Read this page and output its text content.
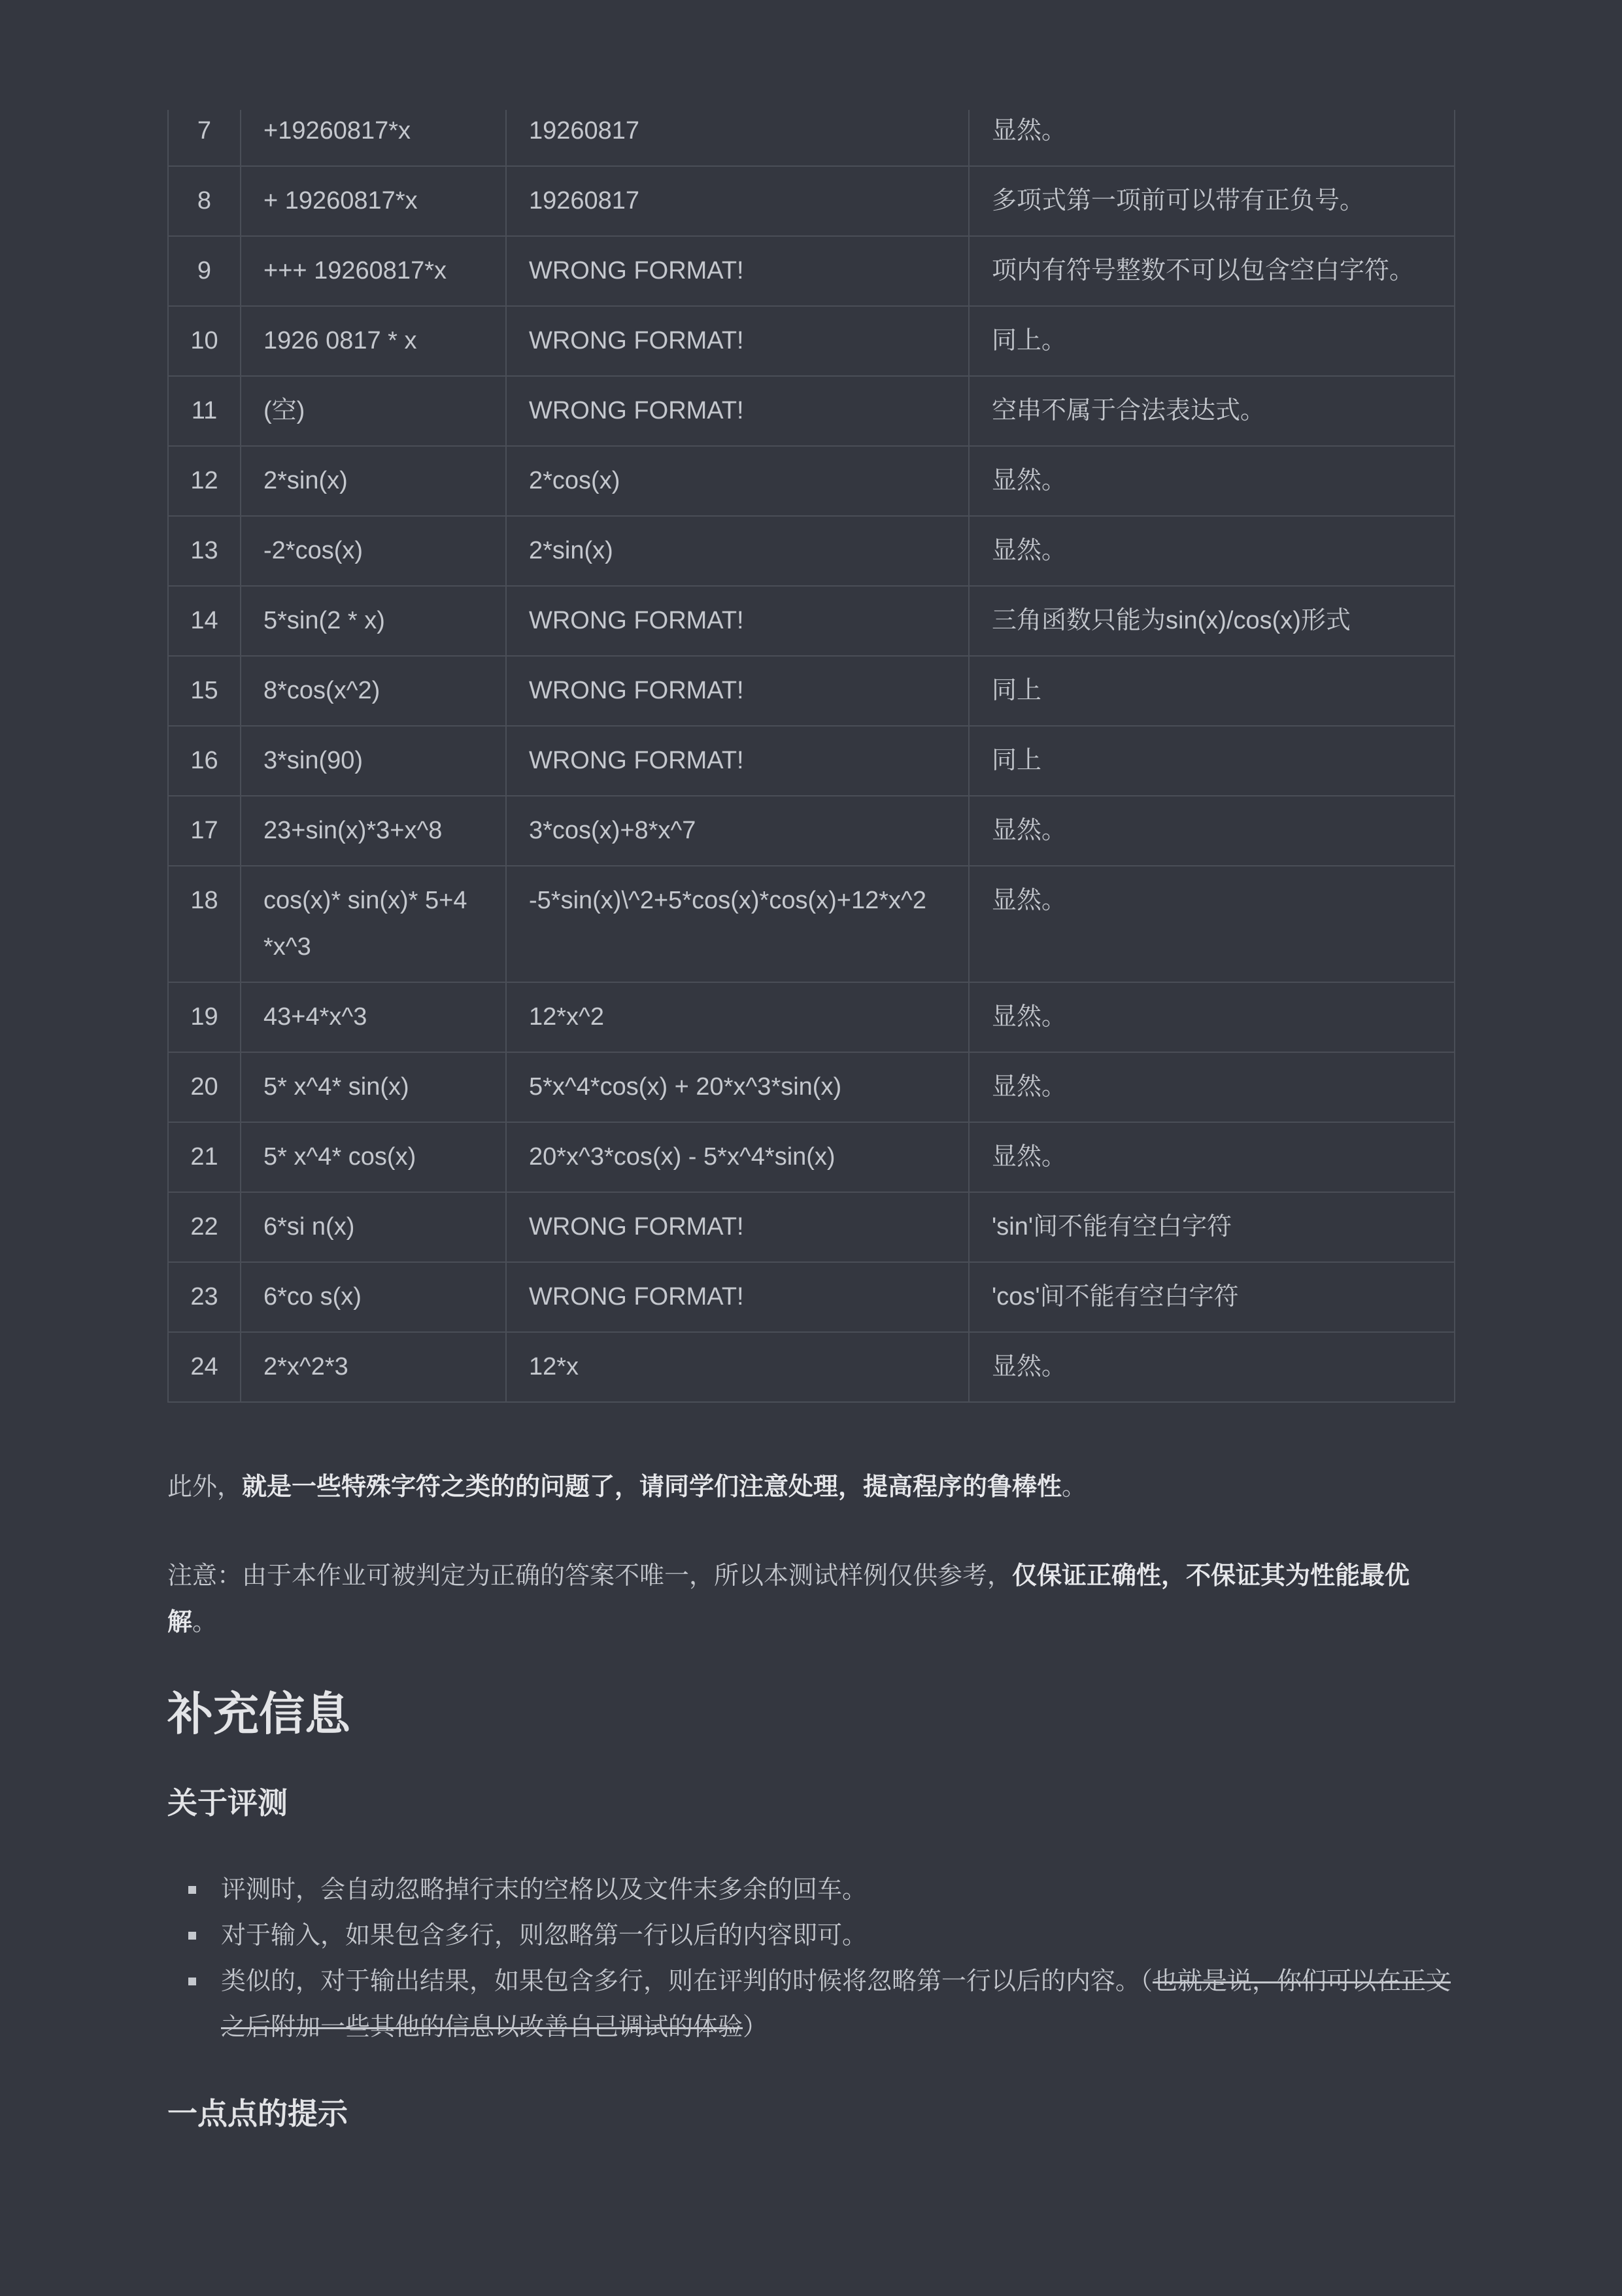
7	+19260817*x	19260817	显然。
8	+ 19260817*x	19260817	多项式第一项前可以带有正负号。
9	+++ 19260817*x	WRONG FORMAT!	项内有符号整数不可以包含空白字符。
10	1926 0817 * x	WRONG FORMAT!	同上。
11	(空)	WRONG FORMAT!	空串不属于合法表达式。
12	2*sin(x)	2*cos(x)	显然。
13	-2*cos(x)	2*sin(x)	显然。
14	5*sin(2 * x)	WRONG FORMAT!	三角函数只能为sin(x)/cos(x)形式
15	8*cos(x^2)	WRONG FORMAT!	同上
16	3*sin(90)	WRONG FORMAT!	同上
17	23+sin(x)*3+x^8	3*cos(x)+8*x^7	显然。
18	cos(x)* sin(x)* 5+4 *x^3	-5*sin(x)\^2+5*cos(x)*cos(x)+12*x^2	显然。
19	43+4*x^3	12*x^2	显然。
20	5* x^4* sin(x)	5*x^4*cos(x) + 20*x^3*sin(x)	显然。
21	5* x^4* cos(x)	20*x^3*cos(x) - 5*x^4*sin(x)	显然。
22	6*si n(x)	WRONG FORMAT!	'sin'间不能有空白字符
23	6*co s(x)	WRONG FORMAT!	'cos'间不能有空白字符
24	2*x^2*3	12*x	显然。

此外，就是一些特殊字符之类的的问题了，请同学们注意处理，提高程序的鲁棒性。

注意：由于本作业可被判定为正确的答案不唯一，所以本测试样例仅供参考，仅保证正确性，不保证其为性能最优解。

补充信息
关于评测
评测时，会自动忽略掉行末的空格以及文件末多余的回车。
对于输入，如果包含多行，则忽略第一行以后的内容即可。
类似的，对于输出结果，如果包含多行，则在评判的时候将忽略第一行以后的内容。（也就是说，你们可以在正文之后附加一些其他的信息以改善自己调试的体验）
一点点的提示
